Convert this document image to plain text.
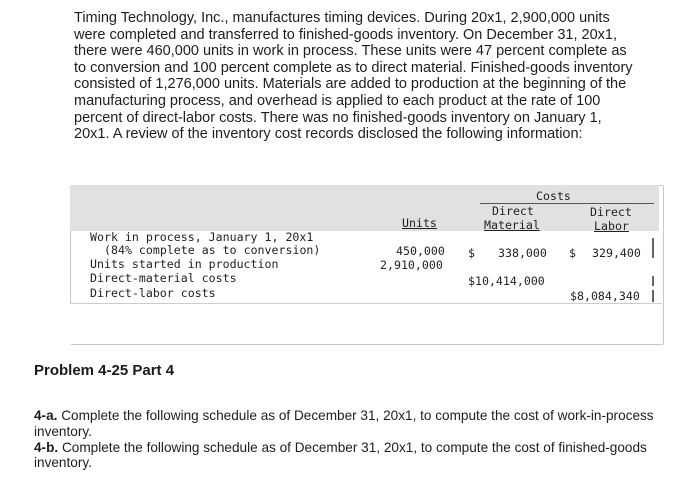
Timing Technology, Inc., manufactures timing devices. During 20x1, 2,900,000 units were completed and transferred to finished-goods inventory. On December 31, 20x1, there were 460,000 units in work in process. These units were 47 percent complete as to conversion and 100 percent complete as to direct material. Finished-goods inventory consisted of 1,276,000 units. Materials are added to production at the beginning of the manufacturing process, and overhead is applied to each product at the rate of 100 percent of direct-labor costs. There was no finished-goods inventory on January 1, 20x1. A review of the inventory cost records disclosed the following information:

Costs
Direct
Material
Direct
Labor
Units
Work in process, January 1, 20x1
(84% complete as to conversion)
Units started in production
Direct-material costs
Direct-labor costs
450,000
2,910,000
$ 338,000 $ 329,400
$10,414,000
$8,084,340
Problem 4-25 Part 4

4-a. Complete the following schedule as of December 31, 20x1, to compute the cost of work-in-process inventory.

4-b. Complete the following schedule as of December 31, 20x1, to compute the cost of finished-goods inventory.
